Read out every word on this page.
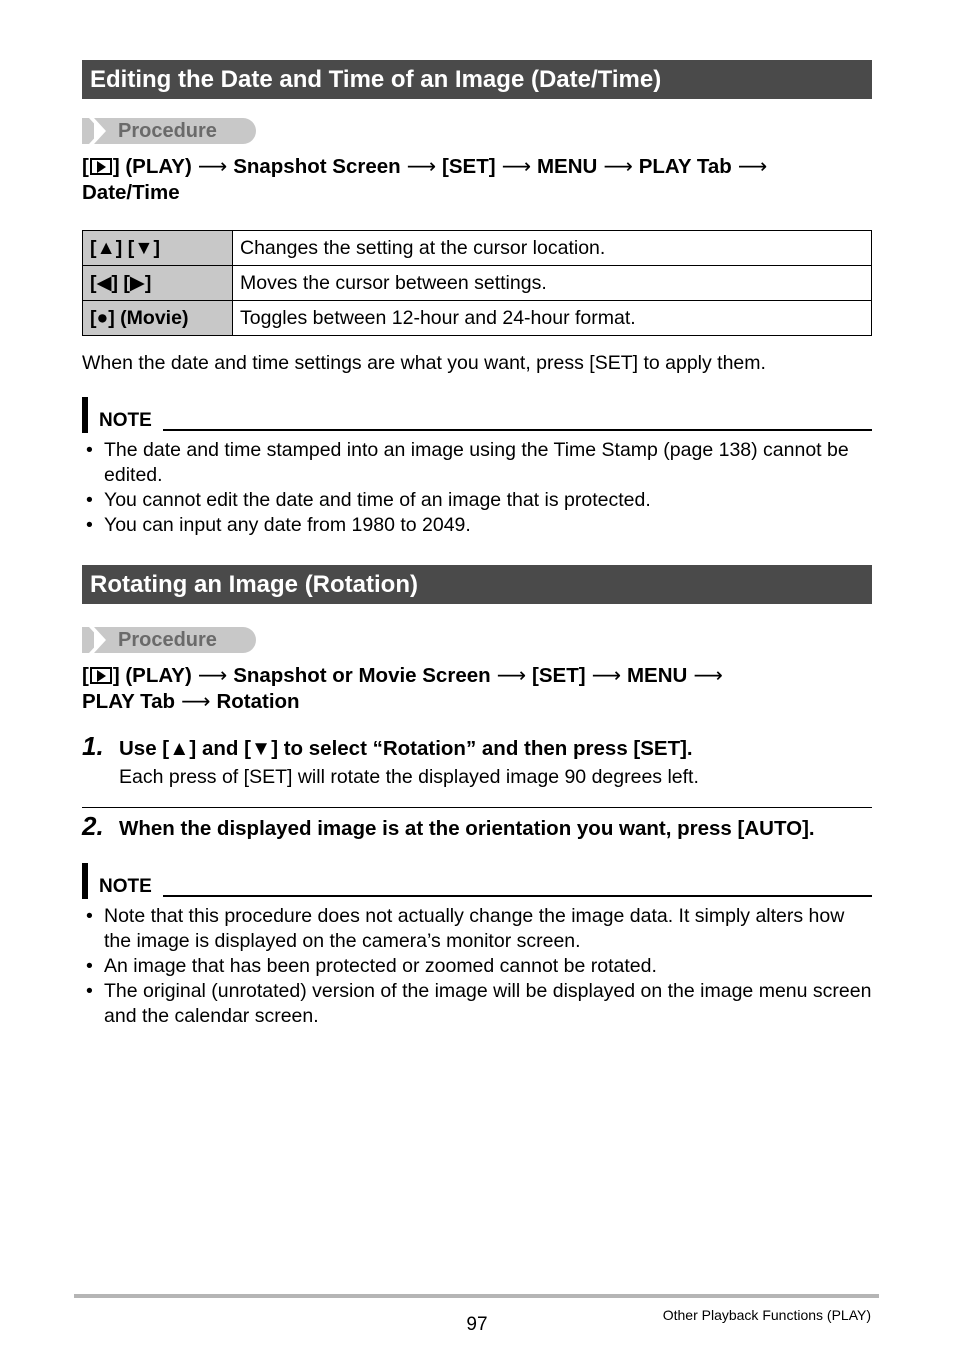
Editing the Date and Time of an Image (Date/Time)
Procedure
[ ] (PLAY) ⟶ Snapshot Screen ⟶ [SET] ⟶ MENU ⟶ PLAY Tab ⟶
Date/Time
[▲] [▼]	Changes the setting at the cursor location.
[◀] [▶]	Moves the cursor between settings.
[●] (Movie)	Toggles between 12-hour and 24-hour format.
When the date and time settings are what you want, press [SET] to apply them.
NOTE
• The date and time stamped into an image using the Time Stamp (page 138) cannot be edited.
• You cannot edit the date and time of an image that is protected.
• You can input any date from 1980 to 2049.
Rotating an Image (Rotation)
Procedure
[ ] (PLAY) ⟶ Snapshot or Movie Screen ⟶ [SET] ⟶ MENU ⟶
PLAY Tab ⟶ Rotation
1. Use [▲] and [▼] to select “Rotation” and then press [SET].
Each press of [SET] will rotate the displayed image 90 degrees left.
2. When the displayed image is at the orientation you want, press [AUTO].
NOTE
• Note that this procedure does not actually change the image data. It simply alters how the image is displayed on the camera’s monitor screen.
• An image that has been protected or zoomed cannot be rotated.
• The original (unrotated) version of the image will be displayed on the image menu screen and the calendar screen.
97	Other Playback Functions (PLAY)
